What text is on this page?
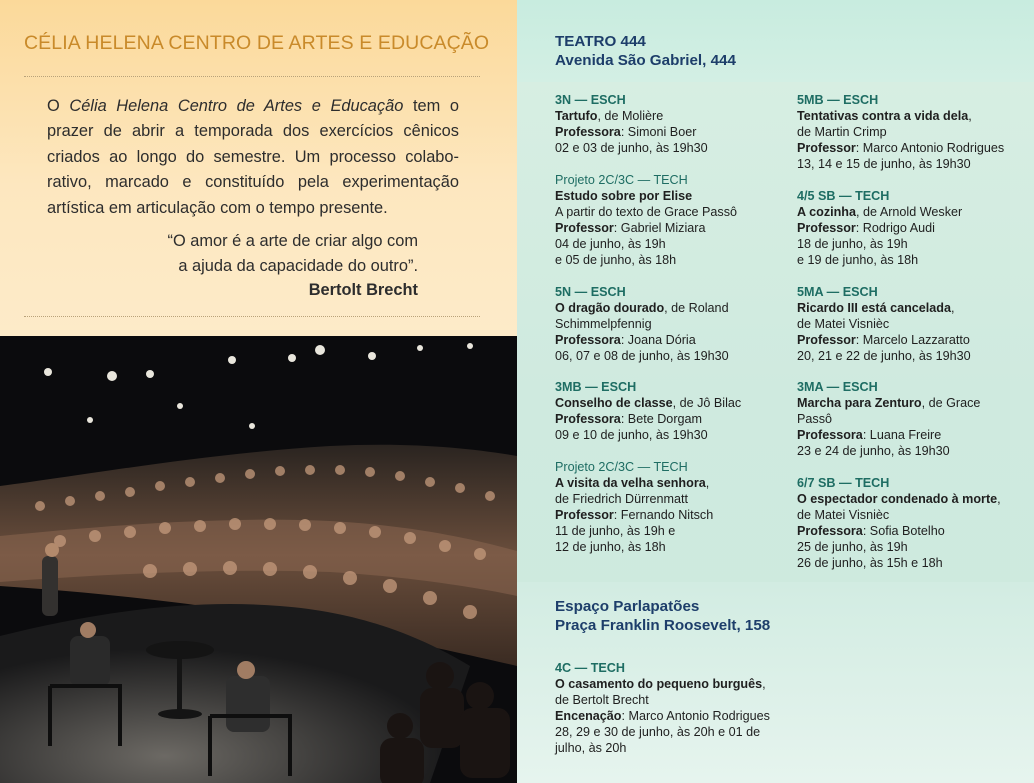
CÉLIA HELENA CENTRO DE ARTES E EDUCAÇÃO
O Célia Helena Centro de Artes e Educação tem o
prazer de abrir a temporada dos exercícios cênicos
criados ao longo do semestre. Um processo colabo-
rativo, marcado e constituído pela experimentação
artística em articulação com o tempo presente.
“O amor é a arte de criar algo com
a ajuda da capacidade do outro”.
Bertolt Brecht
TEATRO 444
Avenida São Gabriel, 444
3N — ESCH
Tartufo, de Molière
Professora: Simoni Boer
02 e 03 de junho, às 19h30
Projeto 2C/3C — TECH
Estudo sobre por Elise
A partir do texto de Grace Passô
Professor: Gabriel Miziara
04 de junho, às 19h
e 05 de junho, às 18h
5N — ESCH
O dragão dourado, de Roland
Schimmelpfennig
Professora: Joana Dória
06, 07 e 08 de junho, às 19h30
3MB — ESCH
Conselho de classe, de Jô Bilac
Professora: Bete Dorgam
09 e 10 de junho, às 19h30
Projeto 2C/3C — TECH
A visita da velha senhora,
de Friedrich Dürrenmatt
Professor: Fernando Nitsch
11 de junho, às 19h e
12 de junho, às 18h
5MB — ESCH
Tentativas contra a vida dela,
de Martin Crimp
Professor: Marco Antonio Rodrigues
13, 14 e 15 de junho, às 19h30
4/5 SB — TECH
A cozinha, de Arnold Wesker
Professor: Rodrigo Audi
18 de junho, às 19h
e 19 de junho, às 18h
5MA — ESCH
Ricardo III está cancelada,
de Matei Visnièc
Professor: Marcelo Lazzaratto
20, 21 e 22 de junho, às 19h30
3MA — ESCH
Marcha para Zenturo, de Grace
Passô
Professora: Luana Freire
23 e 24 de junho, às 19h30
6/7 SB — TECH
O espectador condenado à morte,
de Matei Visnièc
Professora: Sofia Botelho
25 de junho, às 19h
26 de junho, às 15h e 18h
Espaço Parlapatões
Praça Franklin Roosevelt, 158
4C — TECH
O casamento do pequeno burguês,
de Bertolt Brecht
Encenação: Marco Antonio Rodrigues
28, 29 e 30 de junho, às 20h e 01 de
julho, às 20h
